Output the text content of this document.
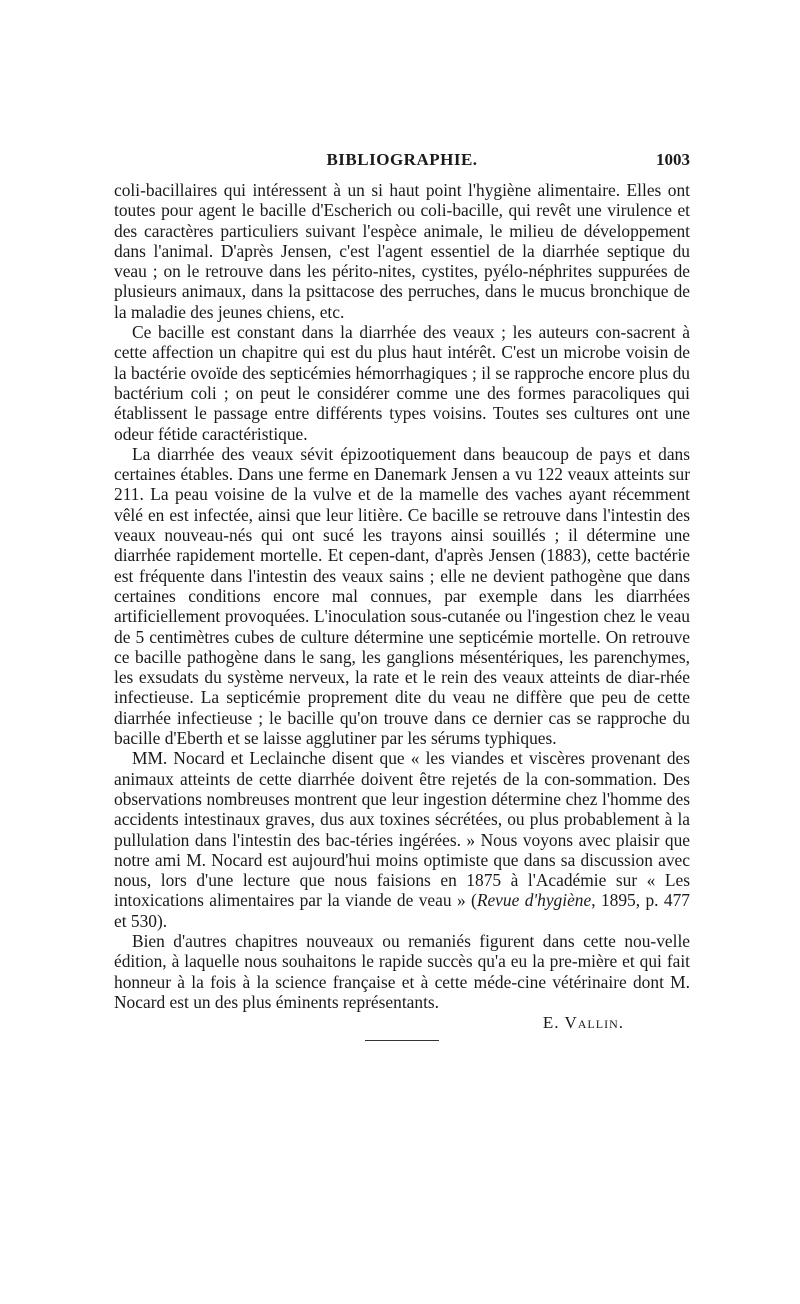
BIBLIOGRAPHIE.	1003

coli-bacillaires qui intéressent à un si haut point l'hygiène alimentaire. Elles ont toutes pour agent le bacille d'Escherich ou coli-bacille, qui revêt une virulence et des caractères particuliers suivant l'espèce animale, le milieu de développement dans l'animal. D'après Jensen, c'est l'agent essentiel de la diarrhée septique du veau ; on le retrouve dans les périto-nites, cystites, pyélo-néphrites suppurées de plusieurs animaux, dans la psittacose des perruches, dans le mucus bronchique de la maladie des jeunes chiens, etc.

Ce bacille est constant dans la diarrhée des veaux ; les auteurs con-sacrent à cette affection un chapitre qui est du plus haut intérêt. C'est un microbe voisin de la bactérie ovoïde des septicémies hémorrhagiques ; il se rapproche encore plus du bactérium coli ; on peut le considérer comme une des formes paracoliques qui établissent le passage entre différents types voisins. Toutes ses cultures ont une odeur fétide caractéristique.

La diarrhée des veaux sévit épizootiquement dans beaucoup de pays et dans certaines étables. Dans une ferme en Danemark Jensen a vu 122 veaux atteints sur 211. La peau voisine de la vulve et de la mamelle des vaches ayant récemment vêlé en est infectée, ainsi que leur litière. Ce bacille se retrouve dans l'intestin des veaux nouveau-nés qui ont sucé les trayons ainsi souillés ; il détermine une diarrhée rapidement mortelle. Et cepen-dant, d'après Jensen (1883), cette bactérie est fréquente dans l'intestin des veaux sains ; elle ne devient pathogène que dans certaines conditions encore mal connues, par exemple dans les diarrhées artificiellement provoquées. L'inoculation sous-cutanée ou l'ingestion chez le veau de 5 centimètres cubes de culture détermine une septicémie mortelle. On retrouve ce bacille pathogène dans le sang, les ganglions mésentériques, les parenchymes, les exsudats du système nerveux, la rate et le rein des veaux atteints de diar-rhée infectieuse. La septicémie proprement dite du veau ne diffère que peu de cette diarrhée infectieuse ; le bacille qu'on trouve dans ce dernier cas se rapproche du bacille d'Eberth et se laisse agglutiner par les sérums typhiques.

MM. Nocard et Leclainche disent que « les viandes et viscères provenant des animaux atteints de cette diarrhée doivent être rejetés de la con-sommation. Des observations nombreuses montrent que leur ingestion détermine chez l'homme des accidents intestinaux graves, dus aux toxines sécrétées, ou plus probablement à la pullulation dans l'intestin des bac-téries ingérées. » Nous voyons avec plaisir que notre ami M. Nocard est aujourd'hui moins optimiste que dans sa discussion avec nous, lors d'une lecture que nous faisions en 1875 à l'Académie sur « Les intoxications alimentaires par la viande de veau » (Revue d'hygiène, 1895, p. 477 et 530).

Bien d'autres chapitres nouveaux ou remaniés figurent dans cette nou-velle édition, à laquelle nous souhaitons le rapide succès qu'a eu la pre-mière et qui fait honneur à la fois à la science française et à cette méde-cine vétérinaire dont M. Nocard est un des plus éminents représentants.

E. Vallin.
